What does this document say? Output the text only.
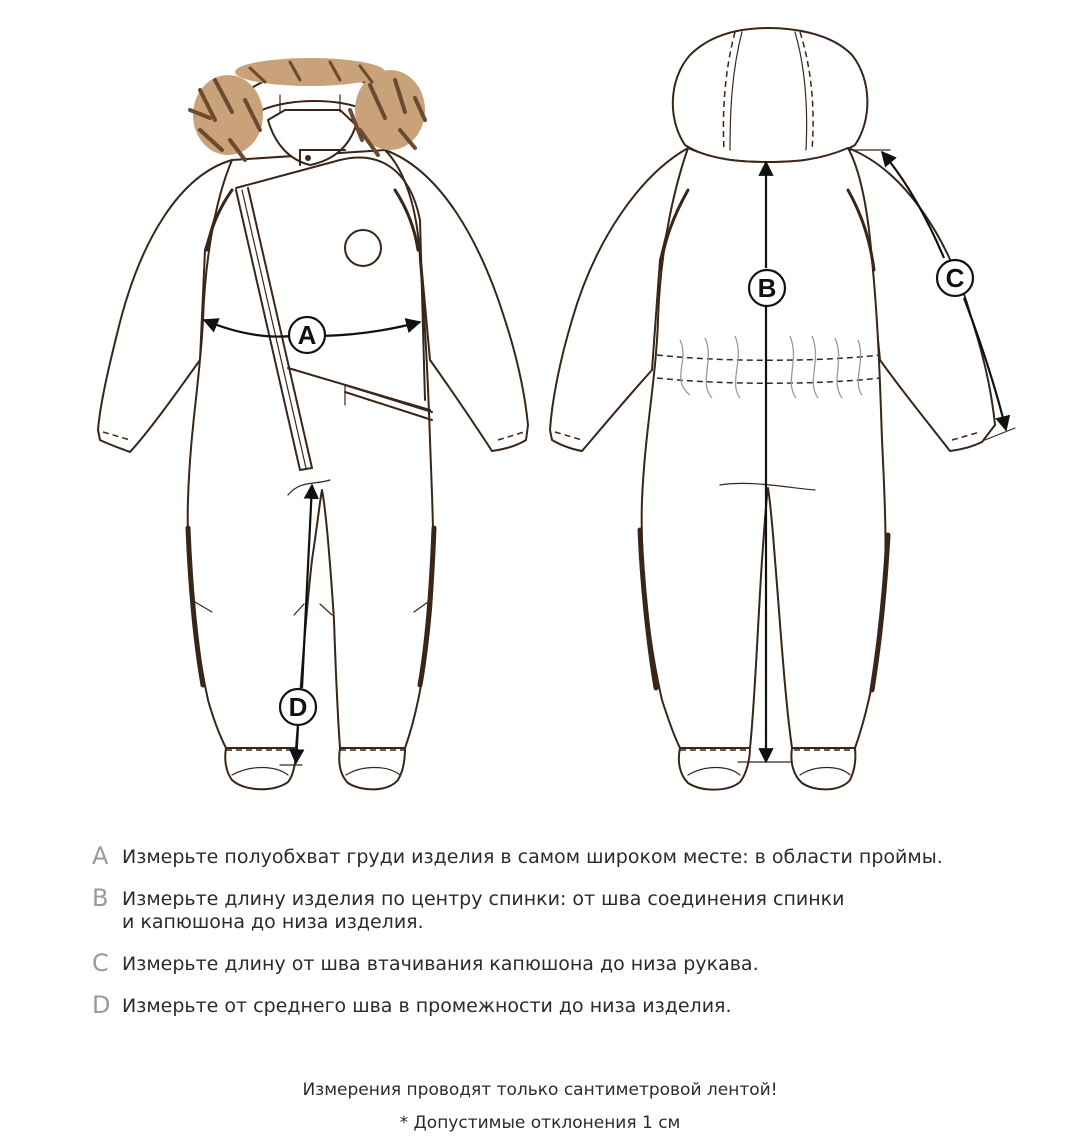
A
D
B	C
A Измерьте полуобхват груди изделия в самом широком месте: в области проймы.
B Измерьте длину изделия по центру спинки: от шва соединения спинки
и капюшона до низа изделия.
C Измерьте длину от шва втачивания капюшона до низа рукава.
D Измерьте от среднего шва в промежности до низа изделия.
Измерения проводят только сантиметровой лентой!
* Допустимые отклонения 1 см
